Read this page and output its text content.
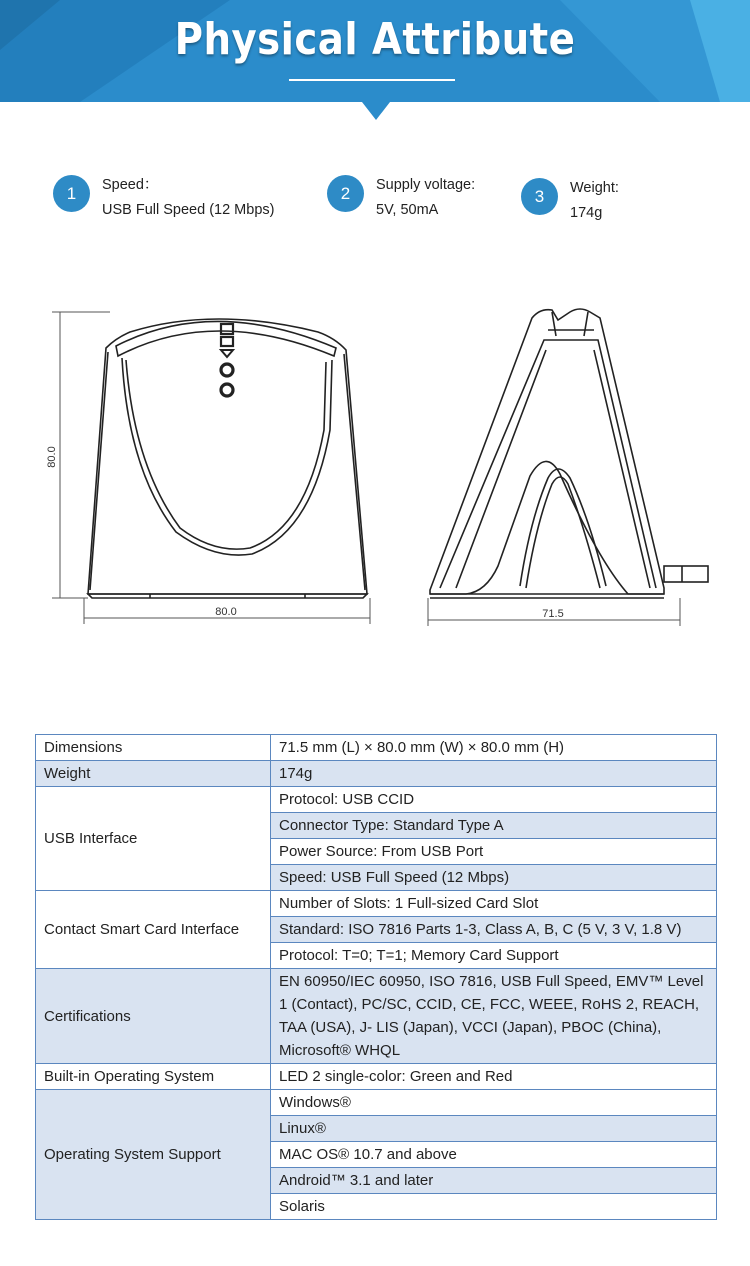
Physical Attribute
1	Speed：
USB Full Speed (12 Mbps)
2	Supply voltage:
5V, 50mA
3	Weight:
174g
80.0
80.0	71.5
Dimensions	71.5 mm (L) × 80.0 mm (W) × 80.0 mm (H)
Weight	174g
USB Interface	Protocol: USB CCID
	Connector Type: Standard Type A
	Power Source: From USB Port
	Speed: USB Full Speed (12 Mbps)
Contact Smart Card Interface	Number of Slots: 1 Full-sized Card Slot
	Standard: ISO 7816 Parts 1-3, Class A, B, C (5 V, 3 V, 1.8 V)
	Protocol: T=0; T=1; Memory Card Support
Certifications	EN 60950/IEC 60950, ISO 7816, USB Full Speed, EMV™ Level 1 (Contact), PC/SC, CCID, CE, FCC, WEEE, RoHS 2, REACH, TAA (USA), J- LIS (Japan), VCCI (Japan), PBOC (China), Microsoft® WHQL
Built-in Operating System	LED 2 single-color: Green and Red
Operating System Support	Windows®
	Linux®
	MAC OS® 10.7 and above
	Android™ 3.1 and later
	Solaris
